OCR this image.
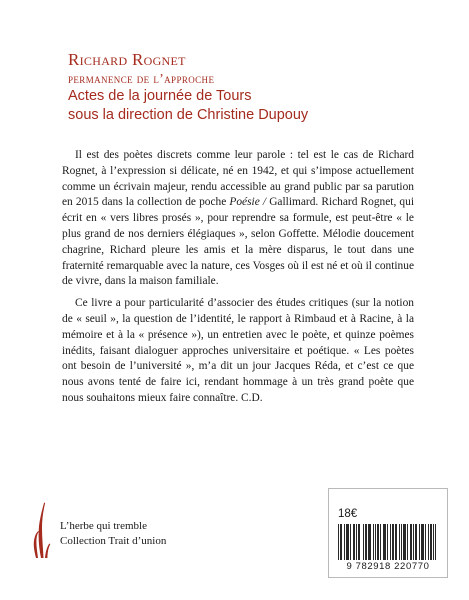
Richard Rognet
permanence de l’approche
Actes de la journée de Tours
sous la direction de Christine Dupouy

Il est des poètes discrets comme leur parole : tel est le cas de Richard Rognet, à l’expression si délicate, né en 1942, et qui s’impose actuellement comme un écrivain majeur, rendu accessible au grand public par sa parution en 2015 dans la collection de poche Poésie / Gallimard. Richard Rognet, qui écrit en « vers libres prosés », pour reprendre sa formule, est peut-être « le plus grand de nos derniers élégiaques », selon Goffette. Mélodie doucement chagrine, Richard pleure les amis et la mère disparus, le tout dans une fraternité remarquable avec la nature, ces Vosges où il est né et où il continue de vivre, dans la maison familiale.

Ce livre a pour particularité d’associer des études critiques (sur la notion de « seuil », la question de l’identité, le rapport à Rimbaud et à Racine, à la mémoire et à la « présence »), un entretien avec le poète, et quinze poèmes inédits, faisant dialoguer approches universitaire et poétique. « Les poètes ont besoin de l’université », m’a dit un jour Jacques Réda, et c’est ce que nous avons tenté de faire ici, rendant hommage à un très grand poète que nous souhaitons mieux faire connaître. C.D.

L’herbe qui tremble
Collection Trait d’union
18€
9 782918 220770
